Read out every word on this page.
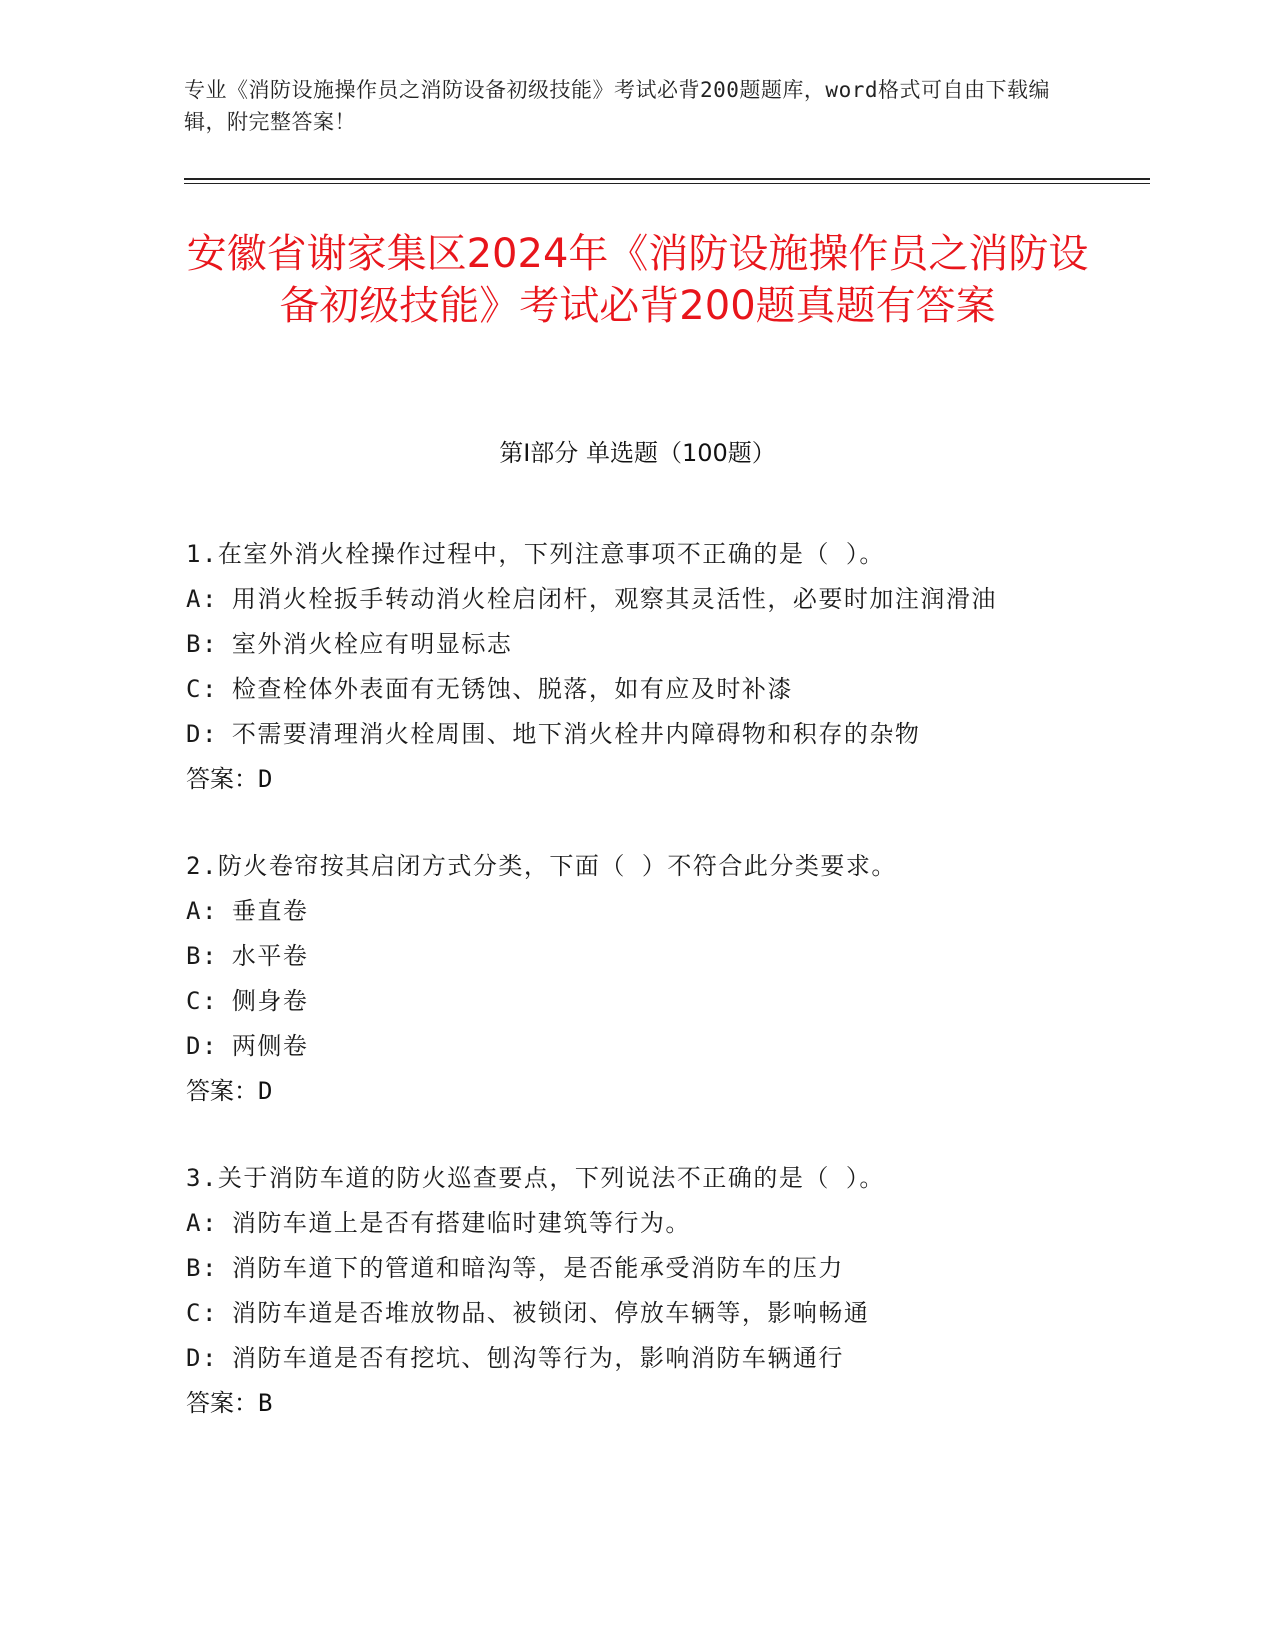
专业《消防设施操作员之消防设备初级技能》考试必背200题题库，word格式可自由下载编辑，附完整答案！
安徽省谢家集区2024年《消防设施操作员之消防设备初级技能》考试必背200题真题有答案
第Ⅰ部分 单选题（100题）
1.在室外消火栓操作过程中，下列注意事项不正确的是（ ）。
A: 用消火栓扳手转动消火栓启闭杆，观察其灵活性，必要时加注润滑油
B: 室外消火栓应有明显标志
C: 检查栓体外表面有无锈蚀、脱落，如有应及时补漆
D: 不需要清理消火栓周围、地下消火栓井内障碍物和积存的杂物
答案：D
2.防火卷帘按其启闭方式分类，下面（ ）不符合此分类要求。
A: 垂直卷
B: 水平卷
C: 侧身卷
D: 两侧卷
答案：D
3.关于消防车道的防火巡查要点，下列说法不正确的是（ ）。
A: 消防车道上是否有搭建临时建筑等行为。
B: 消防车道下的管道和暗沟等，是否能承受消防车的压力
C: 消防车道是否堆放物品、被锁闭、停放车辆等，影响畅通
D: 消防车道是否有挖坑、刨沟等行为，影响消防车辆通行
答案：B
